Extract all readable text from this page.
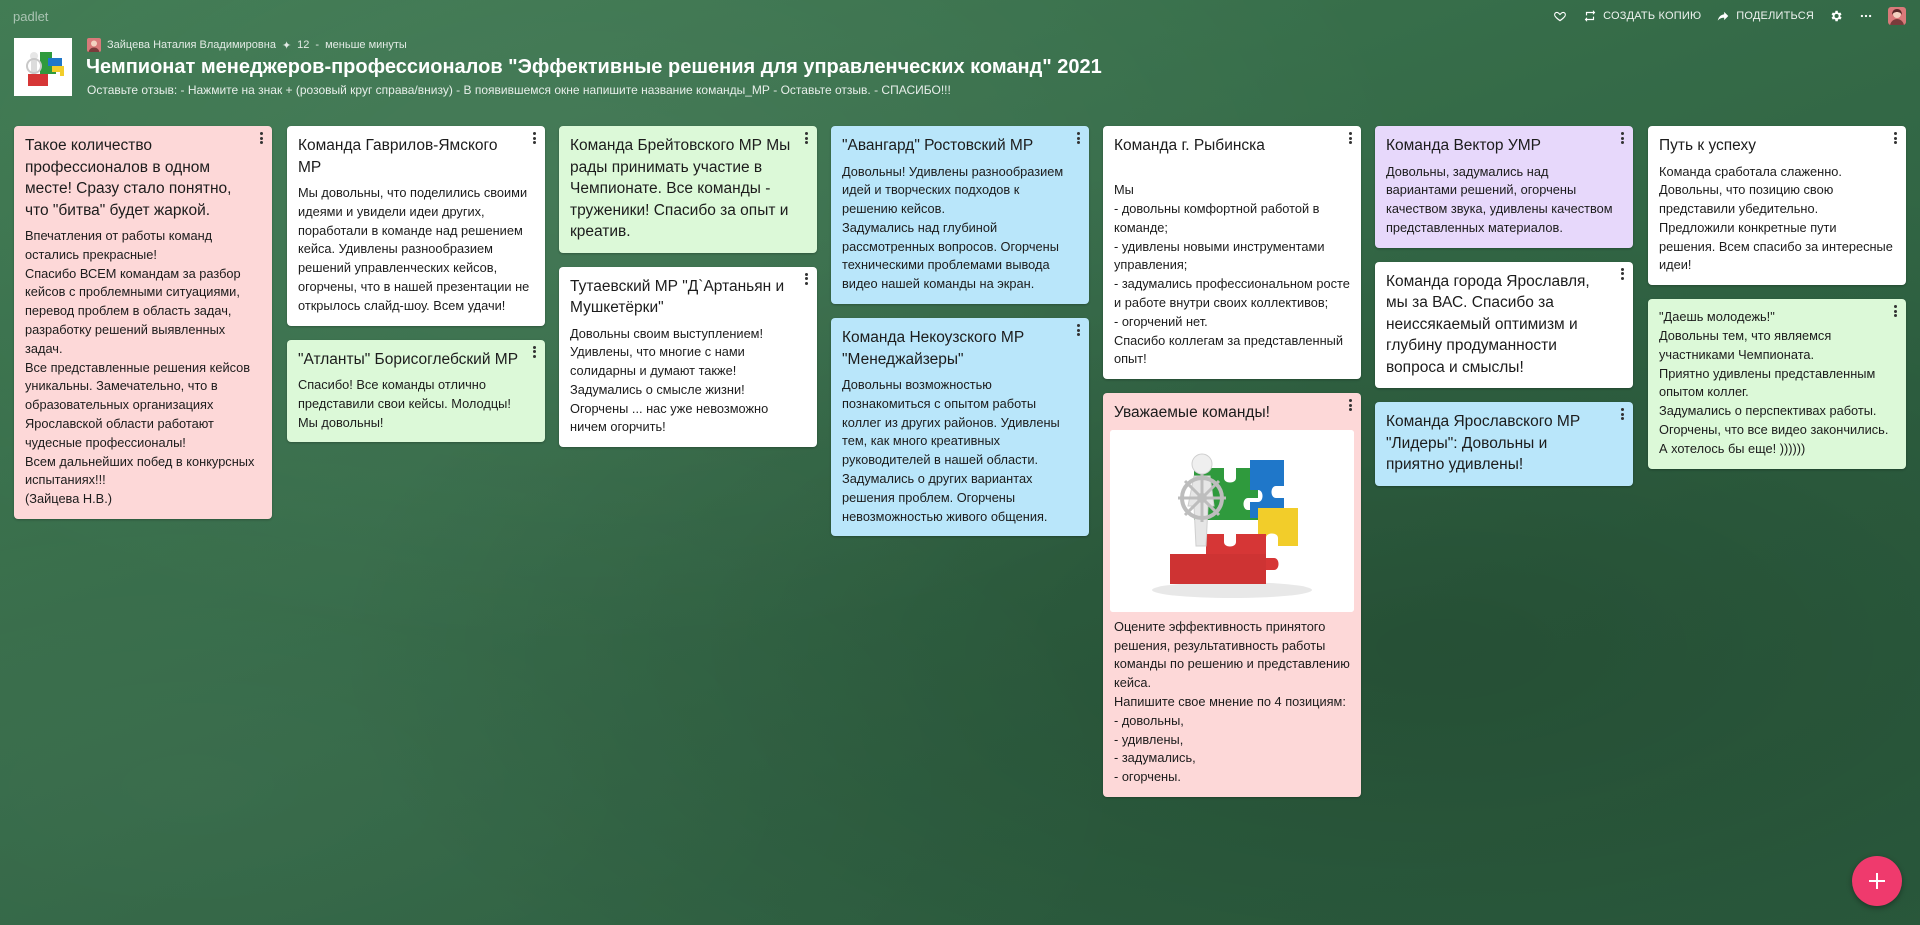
padlet	СОЗДАТЬ КОПИЮ	ПОДЕЛИТЬСЯ
Зайцева Наталия Владимировна ✦ 12 - меньше минуты
Чемпионат менеджеров-профессионалов "Эффективные решения для управленческих команд" 2021
Оставьте отзыв: - Нажмите на знак + (розовый круг справа/внизу) - В появившемся окне напишите название команды_МР - Оставьте отзыв. - СПАСИБО!!!
Такое количество профессионалов в одном месте! Сразу стало понятно, что "битва" будет жаркой.
Впечатления от работы команд остались прекрасные!
Спасибо ВСЕМ командам за разбор кейсов с проблемными ситуациями, перевод проблем в область задач, разработку решений выявленных задач.
Все представленные решения кейсов уникальны. Замечательно, что в образовательных организациях Ярославской области работают чудесные профессионалы!
Всем дальнейших побед в конкурсных испытаниях!!!
(Зайцева Н.В.)
Команда Гаврилов-Ямского МР
Мы довольны, что поделились своими идеями и увидели идеи других, поработали в команде над решением кейса. Удивлены разнообразием решений управленческих кейсов, огорчены, что в нашей презентации не открылось слайд-шоу. Всем удачи!
"Атланты" Борисоглебский МР
Спасибо! Все команды отлично представили свои кейсы. Молодцы! Мы довольны!
Команда Брейтовского МР Мы рады принимать участие в Чемпионате. Все команды - труженики! Спасибо за опыт и креатив.
Тутаевский МР "Д`Артаньян и Мушкетёрки"
Довольны своим выступлением! Удивлены, что многие с нами солидарны и думают также! Задумались о смысле жизни! Огорчены ... нас уже невозможно ничем огорчить!
"Авангард" Ростовский МР
Довольны! Удивлены разнообразием идей и творческих подходов к решению кейсов.
Задумались над глубиной рассмотренных вопросов. Огорчены техническими проблемами вывода видео нашей команды на экран.
Команда Некоузского МР "Менеджайзеры"
Довольны возможностью познакомиться с опытом работы коллег из других районов. Удивлены тем, как много креативных руководителей в нашей области. Задумались о других вариантах решения проблем. Огорчены невозможностью живого общения.
Команда г. Рыбинска

Мы
- довольны комфортной работой в команде;
- удивлены новыми инструментами управления;
- задумались профессиональном росте и работе внутри своих коллективов;
- огорчений нет.
Спасибо коллегам за представленный опыт!
Уважаемые команды!
Оцените эффективность принятого решения, результативность работы команды по решению и представлению кейса.
Напишите свое мнение по 4 позициям:
- довольны,
- удивлены,
- задумались,
- огорчены.
Команда Вектор УМР
Довольны, задумались над вариантами решений, огорчены качеством звука, удивлены качеством представленных материалов.
Команда города Ярославля, мы за ВАС. Спасибо за неиссякаемый оптимизм и глубину продуманности вопроса и смыслы!
Команда Ярославского МР "Лидеры": Довольны и приятно удивлены!
Путь к успеху
Команда сработала слаженно. Довольны, что позицию свою представили убедительно. Предложили конкретные пути решения. Всем спасибо за интересные идеи!
"Даешь молодежь!"
Довольны тем, что являемся участниками Чемпионата.
Приятно удивлены представленным опытом коллег.
Задумались о перспективах работы.
Огорчены, что все видео закончились. А хотелось бы еще! ))))))
